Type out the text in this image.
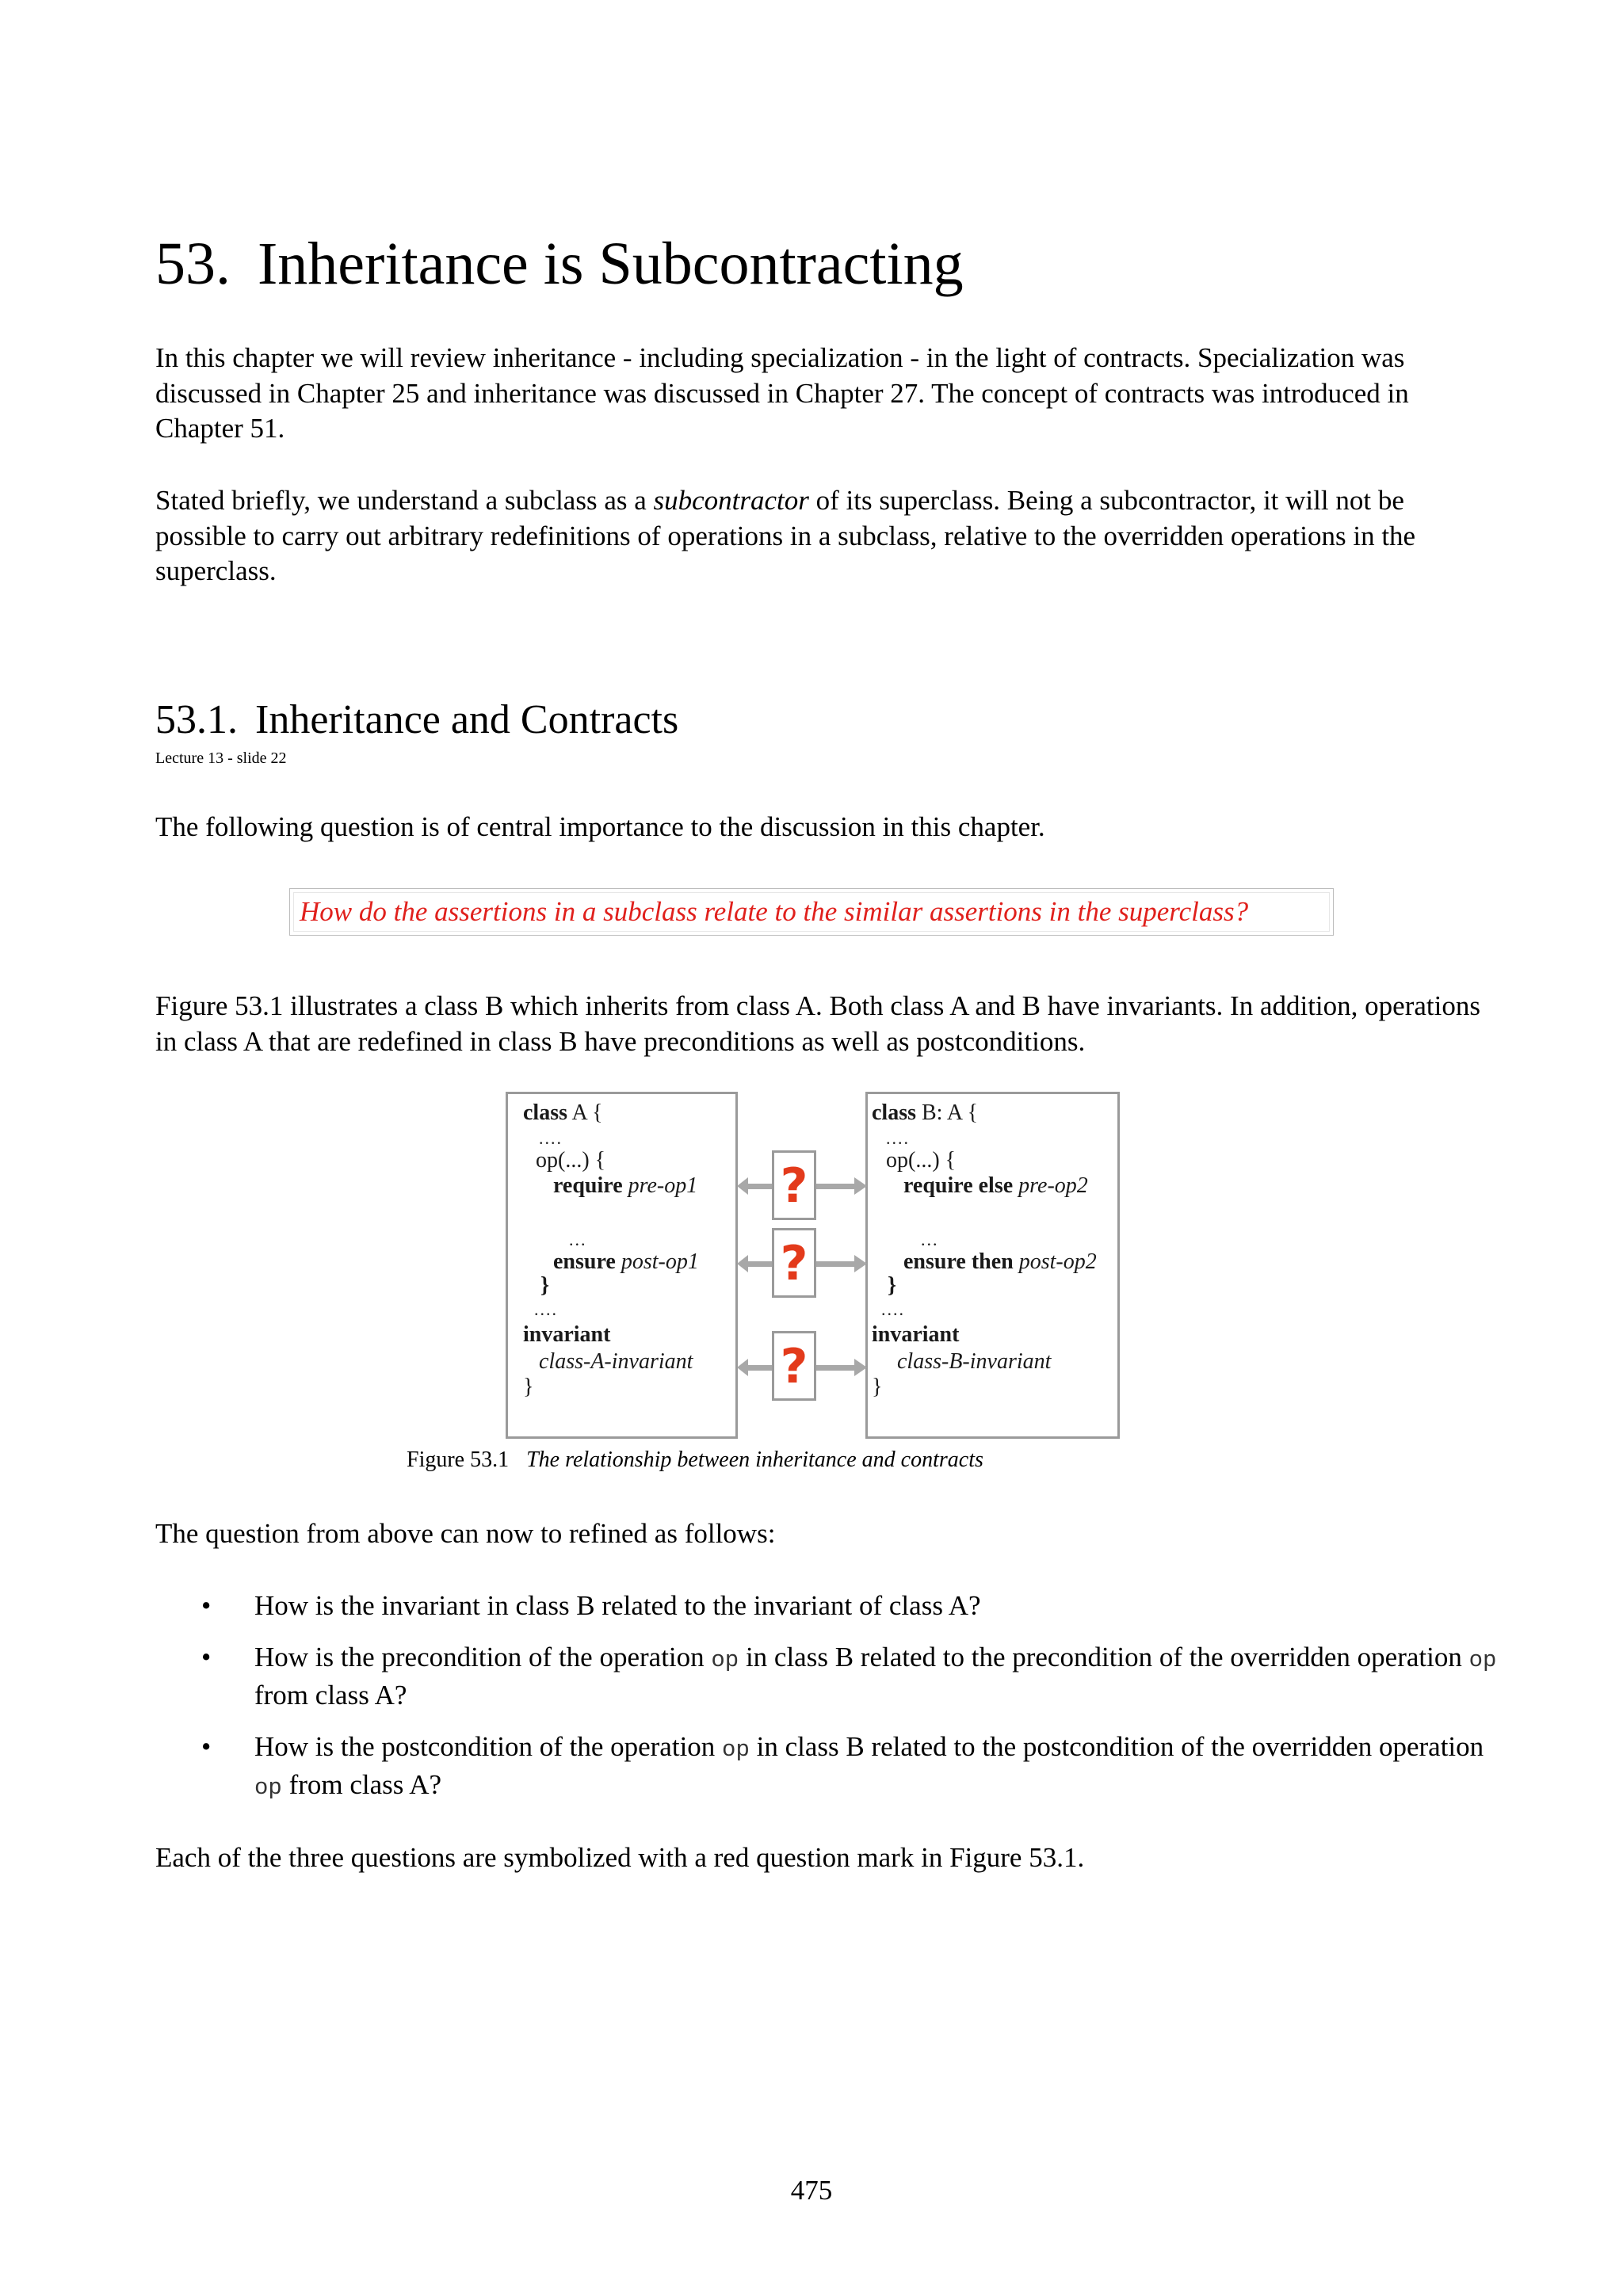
53. Inheritance is Subcontracting

In this chapter we will review inheritance - including specialization - in the light of contracts. Specialization was discussed in Chapter 25 and inheritance was discussed in Chapter 27. The concept of contracts was introduced in Chapter 51.

Stated briefly, we understand a subclass as a subcontractor of its superclass. Being a subcontractor, it will not be possible to carry out arbitrary redefinitions of operations in a subclass, relative to the overridden operations in the superclass.

53.1. Inheritance and Contracts
Lecture 13 - slide 22

The following question is of central importance to the discussion in this chapter.

How do the assertions in a subclass relate to the similar assertions in the superclass?

Figure 53.1 illustrates a class B which inherits from class A. Both class A and B have invariants. In addition, operations in class A that are redefined in class B have preconditions as well as postconditions.

class A {
....
op(...) {
require pre-op1
...
ensure post-op1
}
....
invariant
class-A-invariant
}
class B: A {
....
op(...) {
require else pre-op2
...
ensure then post-op2
}
....
invariant
class-B-invariant
}
?
?
?
Figure 53.1 The relationship between inheritance and contracts

The question from above can now to refined as follows:

• How is the invariant in class B related to the invariant of class A?
• How is the precondition of the operation op in class B related to the precondition of the overridden operation op from class A?
• How is the postcondition of the operation op in class B related to the postcondition of the overridden operation op from class A?

Each of the three questions are symbolized with a red question mark in Figure 53.1.

475
